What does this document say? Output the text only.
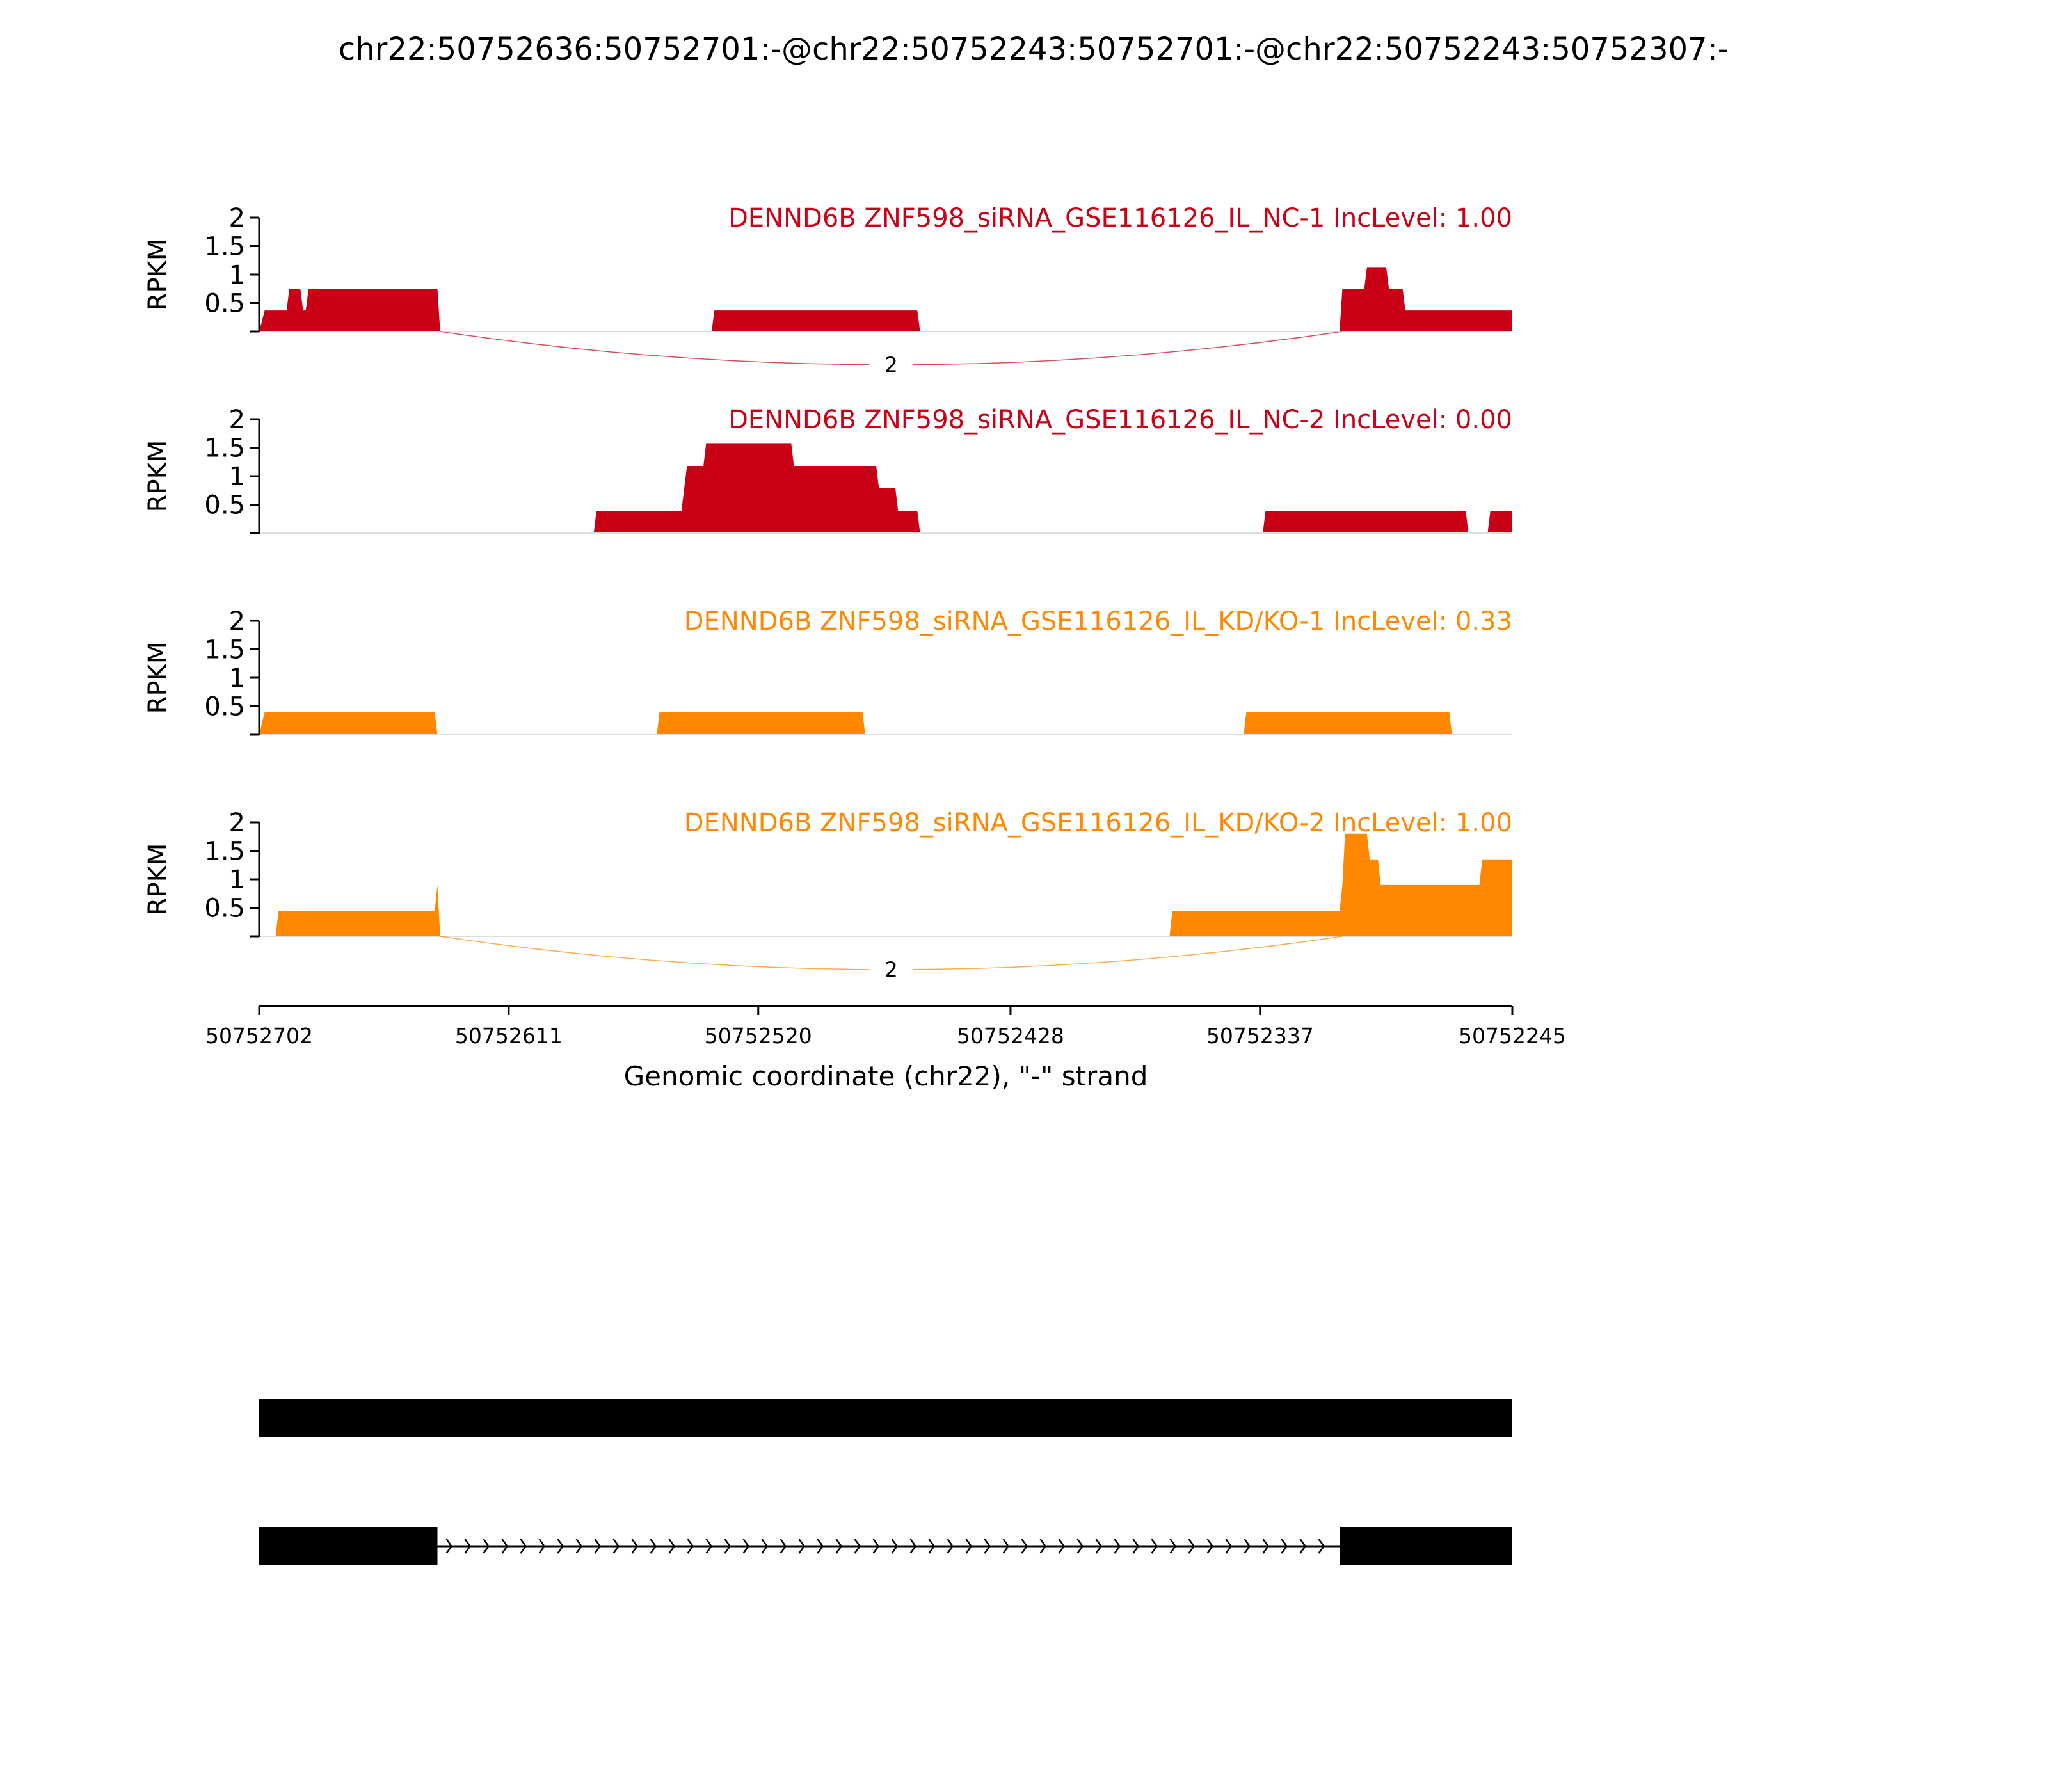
chr22:50752636:50752701:-@chr22:50752243:50752701:-@chr22:50752243:50752307:-
0.5
1
1.5
2
RPKM
DENND6B ZNF598_siRNA_GSE116126_IL_NC-1 IncLevel: 1.00
2
0.5
1
1.5
2
RPKM
DENND6B ZNF598_siRNA_GSE116126_IL_NC-2 IncLevel: 0.00
0.5
1
1.5
2
RPKM
DENND6B ZNF598_siRNA_GSE116126_IL_KD/KO-1 IncLevel: 0.33
0.5
1
1.5
2
RPKM
DENND6B ZNF598_siRNA_GSE116126_IL_KD/KO-2 IncLevel: 1.00
2
50752702	50752611	50752520	50752428	50752337	50752245
Genomic coordinate (chr22), "-" strand
